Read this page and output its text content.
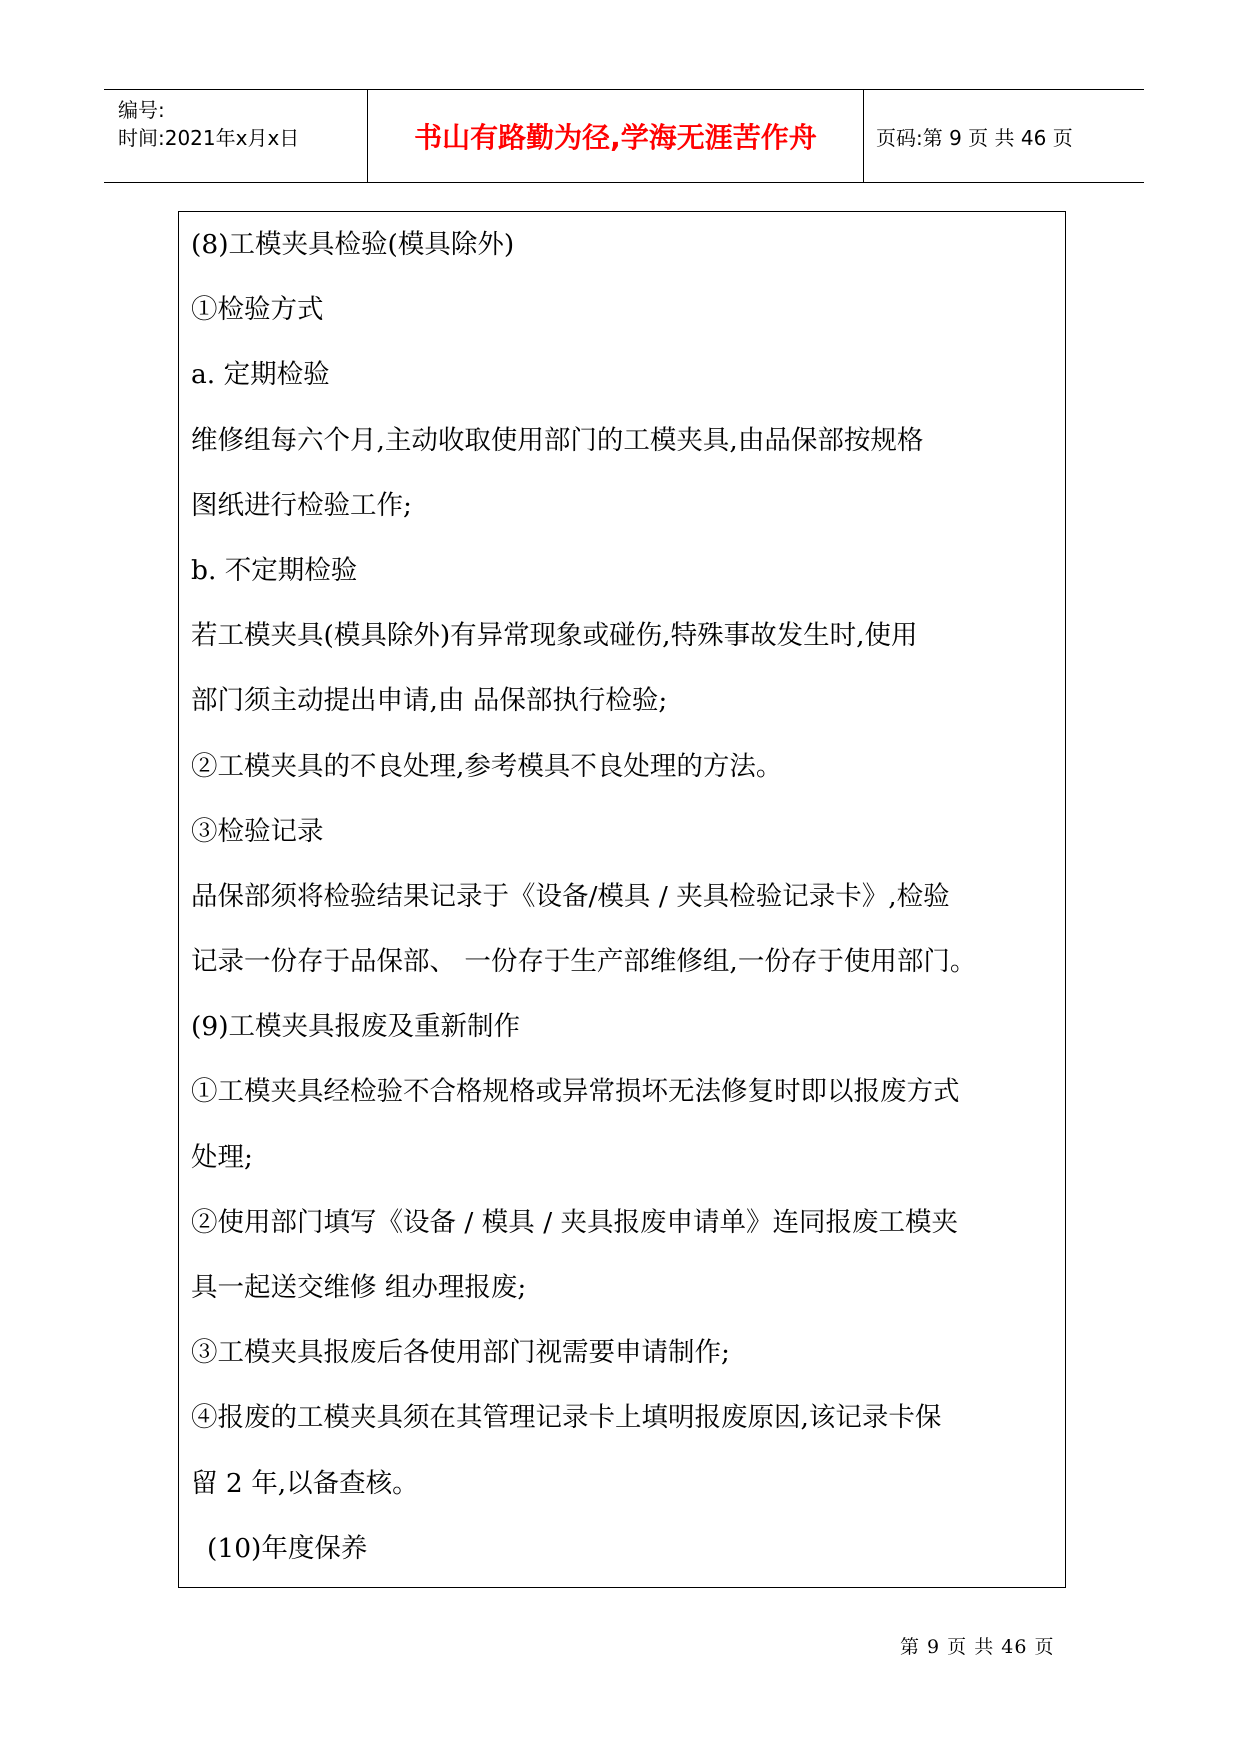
编号:
时间:2021年x月x日	书山有路勤为径,学海无涯苦作舟	页码:第 9 页 共 46 页
(8)工模夹具检验(模具除外)
①检验方式
a. 定期检验
维修组每六个月,主动收取使用部门的工模夹具,由品保部按规格
图纸进行检验工作;
b. 不定期检验
若工模夹具(模具除外)有异常现象或碰伤,特殊事故发生时,使用
部门须主动提出申请,由 品保部执行检验;
②工模夹具的不良处理,参考模具不良处理的方法。
③检验记录
品保部须将检验结果记录于《设备/模具 / 夹具检验记录卡》,检验
记录一份存于品保部、 一份存于生产部维修组,一份存于使用部门。
(9)工模夹具报废及重新制作
①工模夹具经检验不合格规格或异常损坏无法修复时即以报废方式
处理;
②使用部门填写《设备 / 模具 / 夹具报废申请单》连同报废工模夹
具一起送交维修 组办理报废;
③工模夹具报废后各使用部门视需要申请制作;
④报废的工模夹具须在其管理记录卡上填明报废原因,该记录卡保
留 2 年,以备查核。
(10)年度保养
第 9 页 共 46 页
